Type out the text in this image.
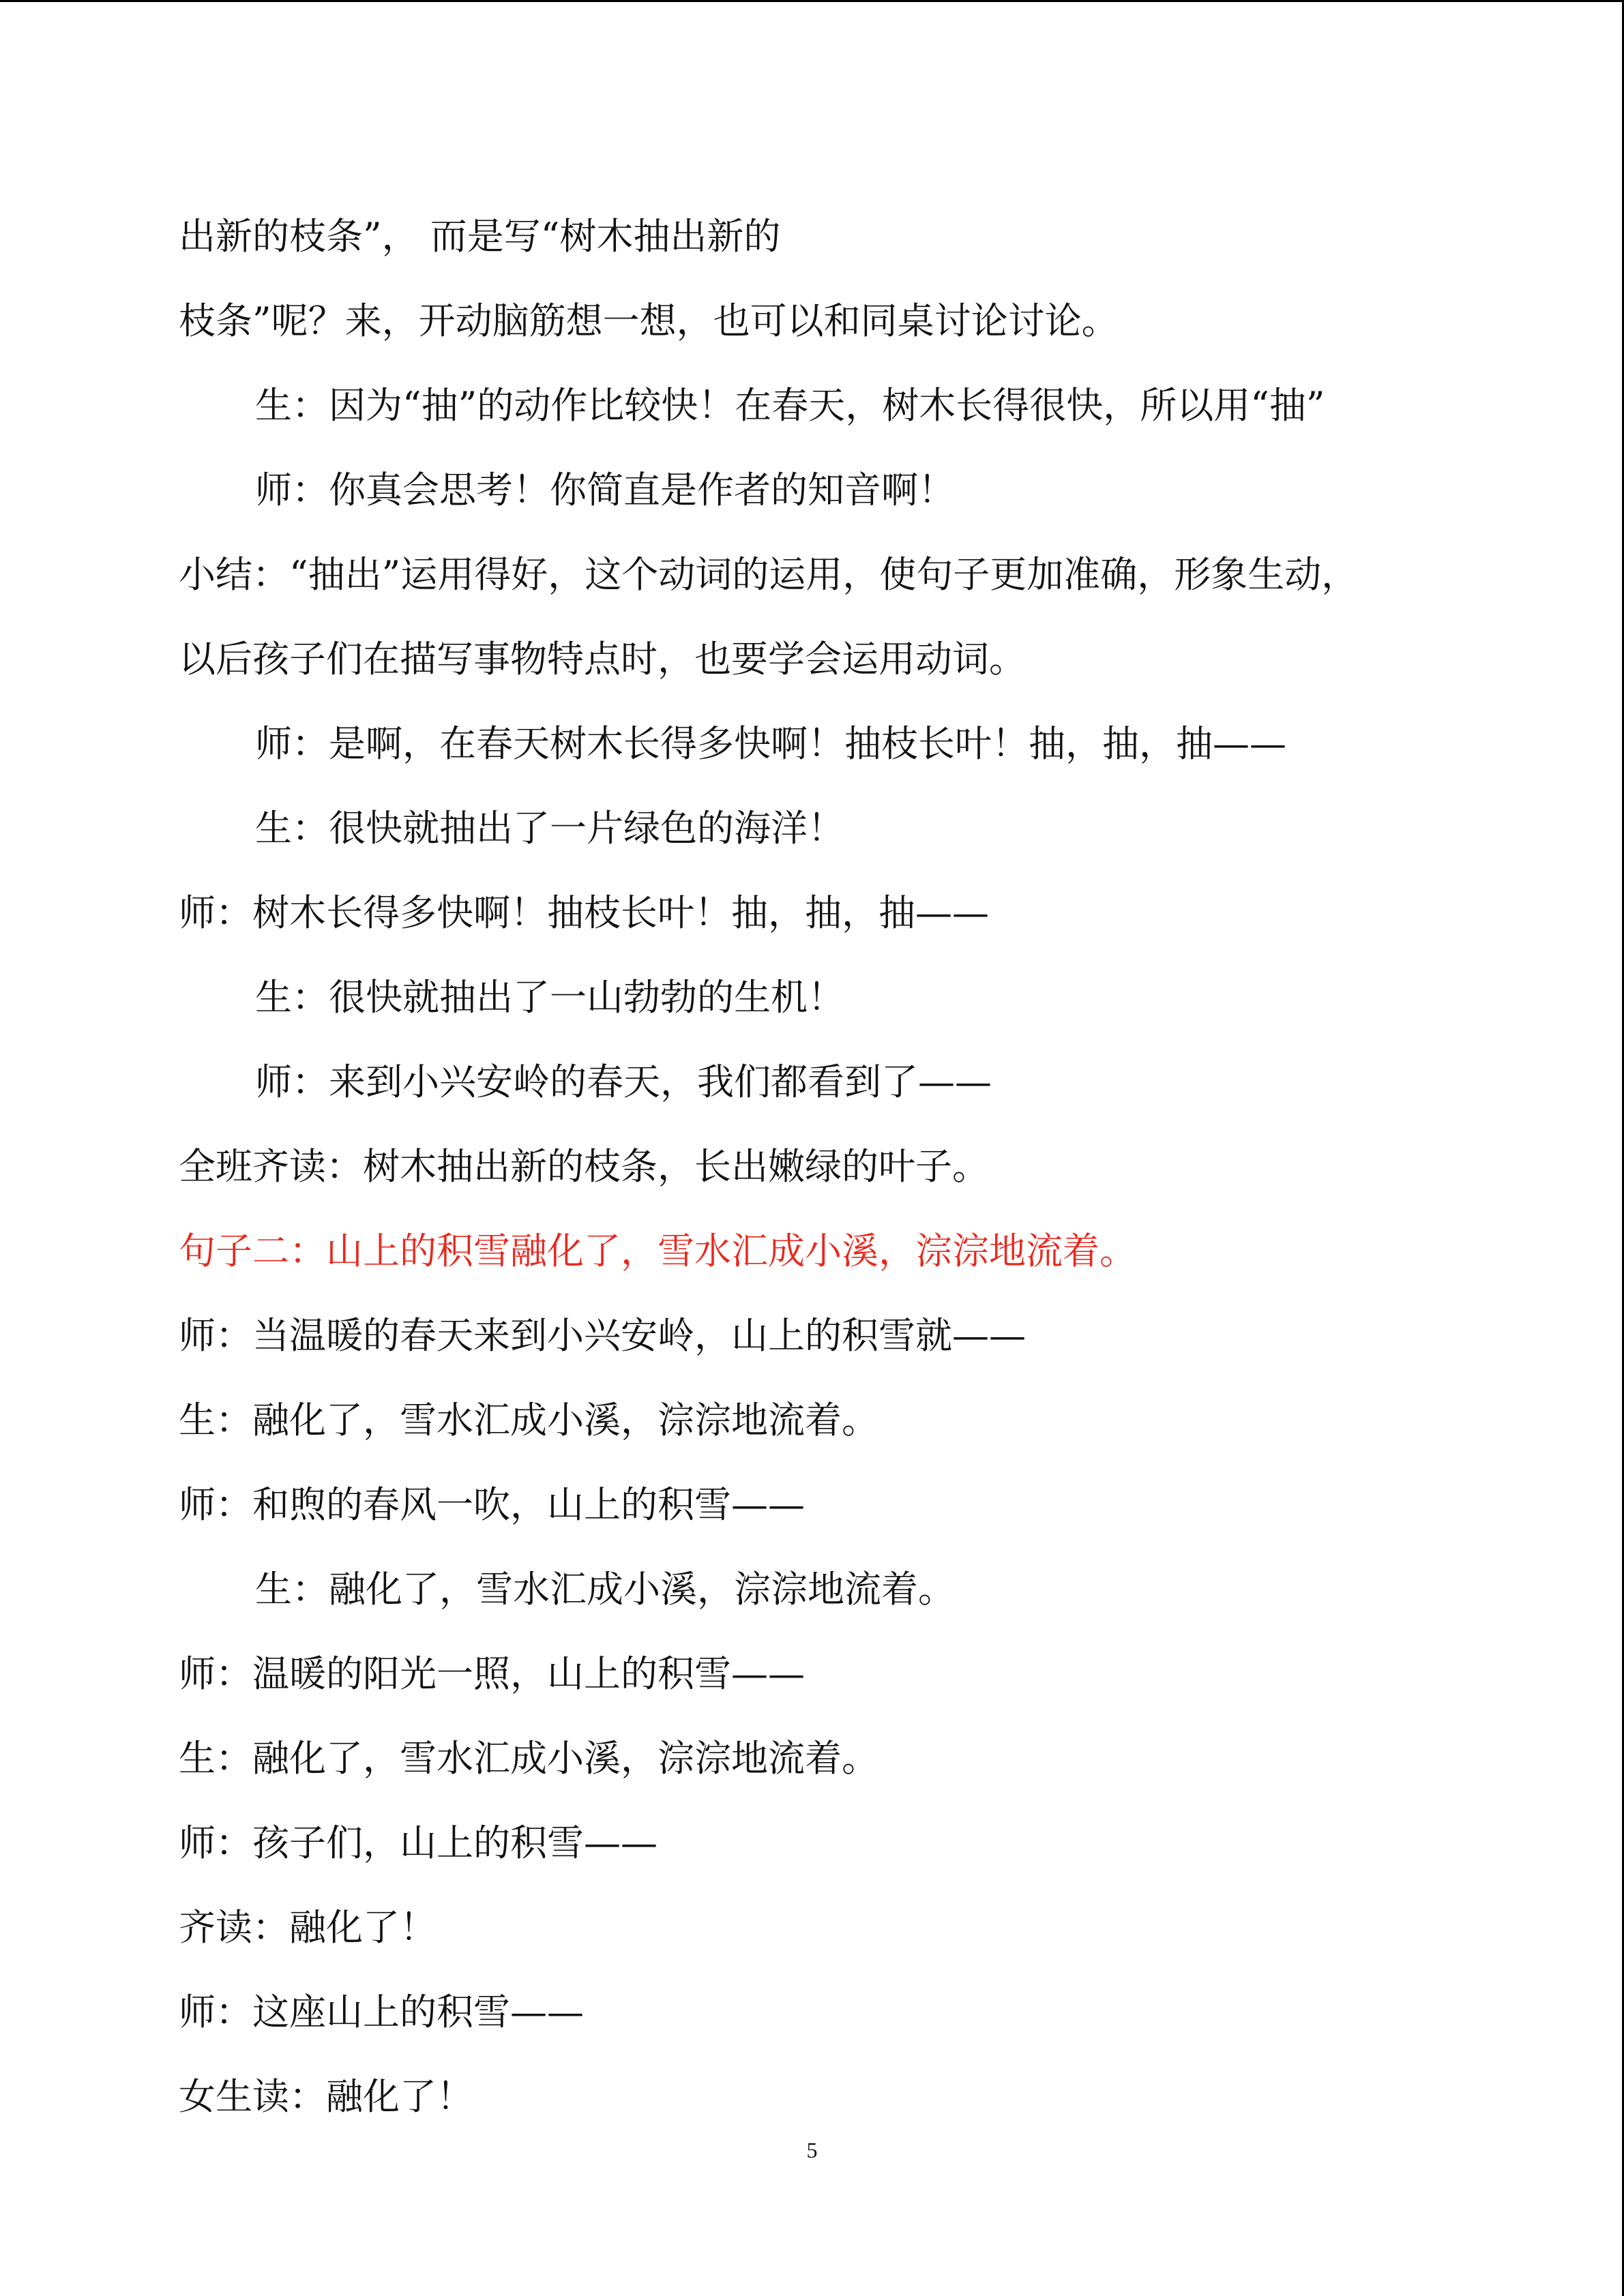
出新的枝条”， 而是写“树木抽出新的

枝条”呢？来，开动脑筋想一想，也可以和同桌讨论讨论。

生：因为“抽”的动作比较快！在春天，树木长得很快，所以用“抽”

师：你真会思考！你简直是作者的知音啊！

小结：“抽出”运用得好，这个动词的运用，使句子更加准确，形象生动，

以后孩子们在描写事物特点时，也要学会运用动词。

师：是啊，在春天树木长得多快啊！抽枝长叶！抽，抽，抽——

生：很快就抽出了一片绿色的海洋！

师：树木长得多快啊！抽枝长叶！抽，抽，抽——

生：很快就抽出了一山勃勃的生机！

师：来到小兴安岭的春天，我们都看到了——

全班齐读：树木抽出新的枝条，长出嫩绿的叶子。

句子二：山上的积雪融化了，雪水汇成小溪，淙淙地流着。

师：当温暖的春天来到小兴安岭，山上的积雪就——

生：融化了，雪水汇成小溪，淙淙地流着。

师：和煦的春风一吹，山上的积雪——

生：融化了，雪水汇成小溪，淙淙地流着。

师：温暖的阳光一照，山上的积雪——

生：融化了，雪水汇成小溪，淙淙地流着。

师：孩子们，山上的积雪——

齐读：融化了！

师：这座山上的积雪——

女生读：融化了！

5
